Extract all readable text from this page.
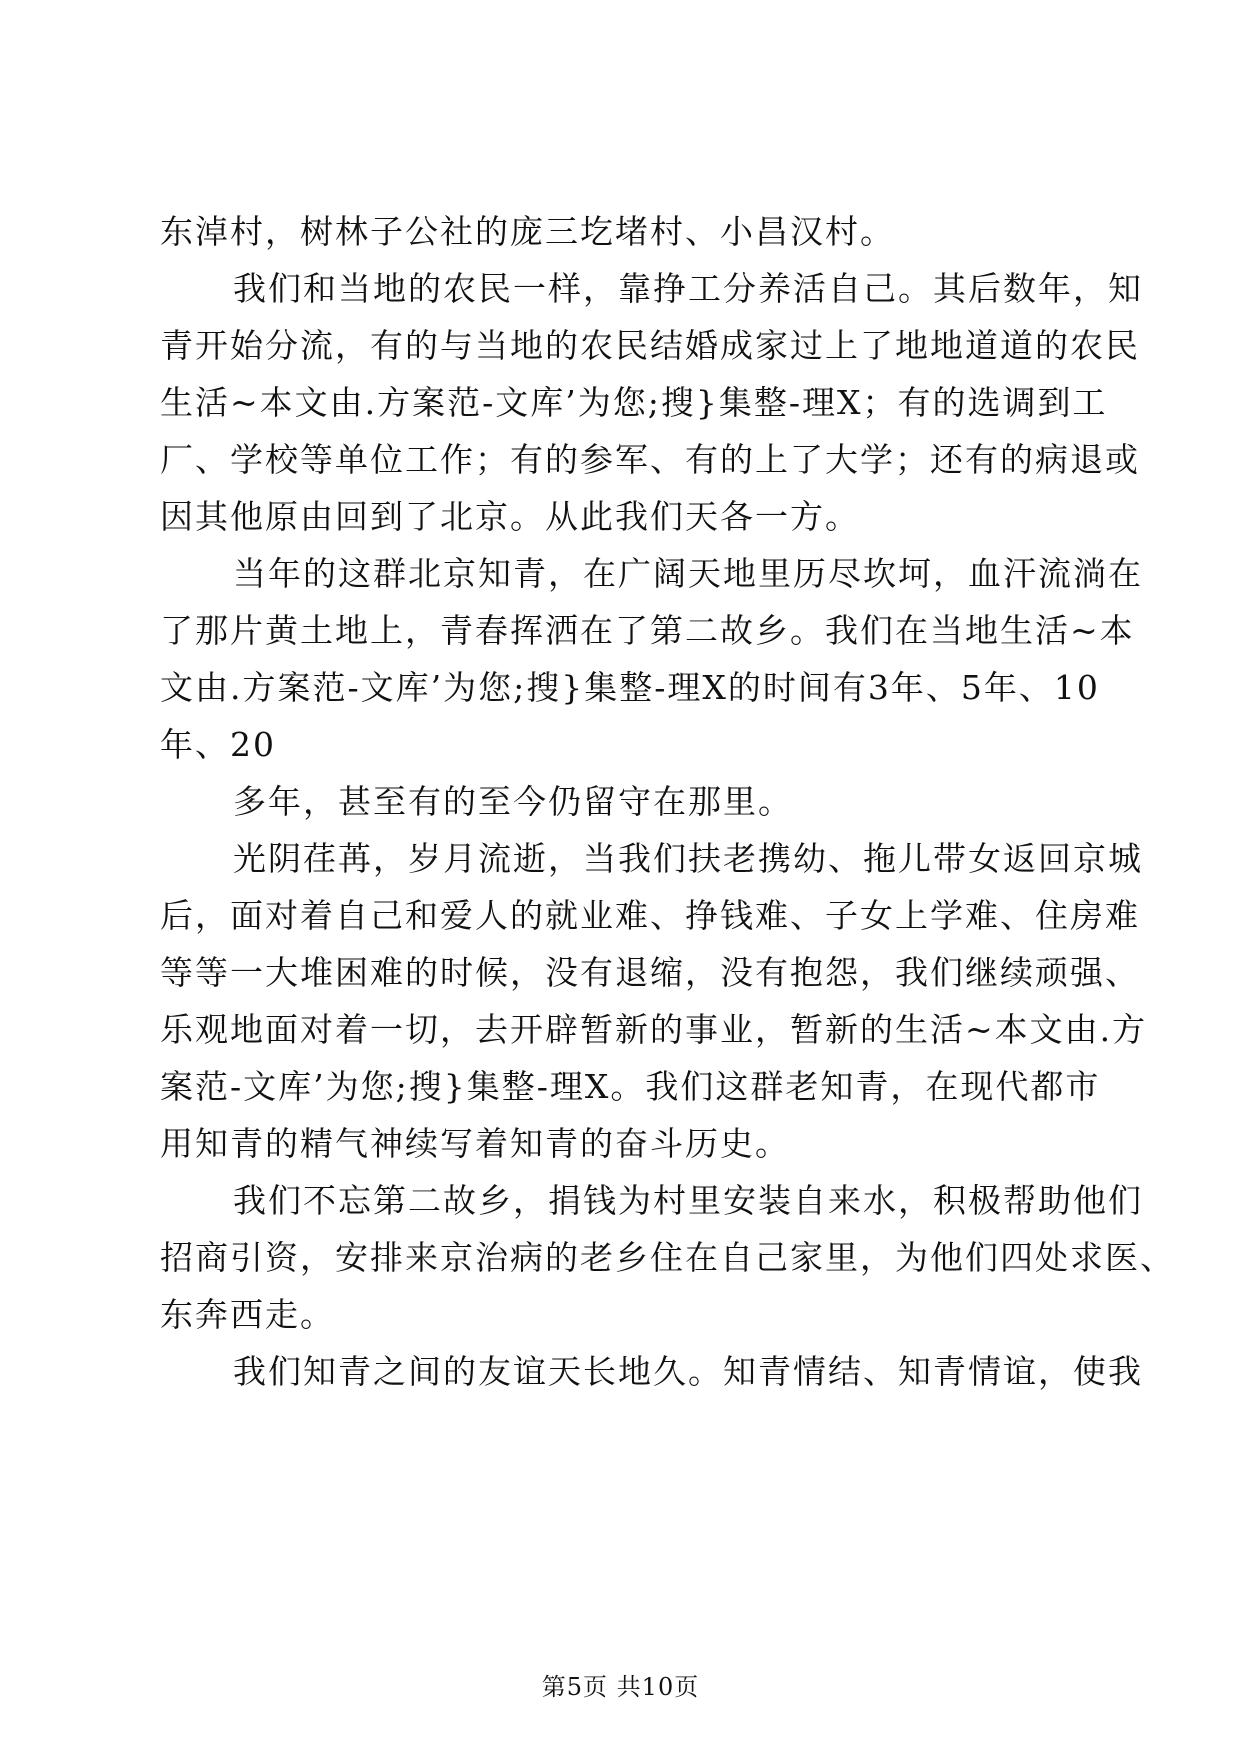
东淖村，树林子公社的庞三圪堵村、小昌汉村。
我们和当地的农民一样，靠挣工分养活自己。其后数年，知
青开始分流，有的与当地的农民结婚成家过上了地地道道的农民
生活~本文由.方案范-文库’为您;搜}集整-理X；有的选调到工
厂、学校等单位工作；有的参军、有的上了大学；还有的病退或
因其他原由回到了北京。从此我们天各一方。
当年的这群北京知青，在广阔天地里历尽坎坷，血汗流淌在
了那片黄土地上，青春挥洒在了第二故乡。我们在当地生活~本
文由.方案范-文库’为您;搜}集整-理X的时间有3年、5年、10
年、20
多年，甚至有的至今仍留守在那里。
光阴荏苒，岁月流逝，当我们扶老携幼、拖儿带女返回京城
后，面对着自己和爱人的就业难、挣钱难、子女上学难、住房难
等等一大堆困难的时候，没有退缩，没有抱怨，我们继续顽强、
乐观地面对着一切，去开辟暂新的事业，暂新的生活~本文由.方
案范-文库’为您;搜}集整-理X。我们这群老知青，在现代都市
用知青的精气神续写着知青的奋斗历史。
我们不忘第二故乡，捐钱为村里安装自来水，积极帮助他们
招商引资，安排来京治病的老乡住在自己家里，为他们四处求医、
东奔西走。
我们知青之间的友谊天长地久。知青情结、知青情谊，使我
第5页 共10页
